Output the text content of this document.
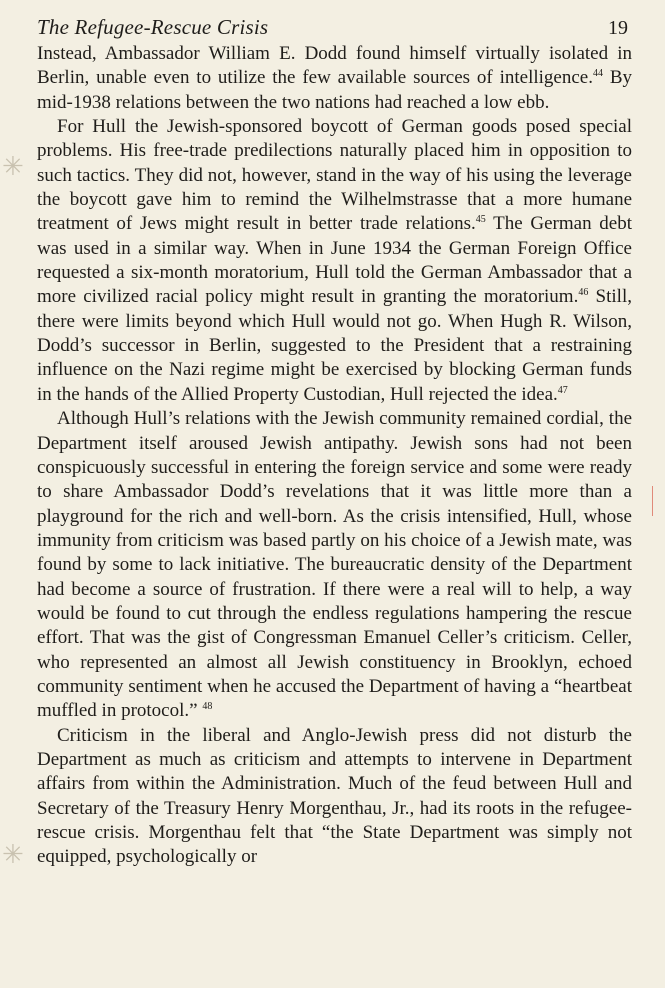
The Refugee-Rescue Crisis	19

Instead, Ambassador William E. Dodd found himself virtually isolated in Berlin, unable even to utilize the few available sources of intelligence.$^{44}$ By mid-1938 relations between the two nations had reached a low ebb.

For Hull the Jewish-sponsored boycott of German goods posed special problems. His free-trade predilections naturally placed him in opposition to such tactics. They did not, however, stand in the way of his using the leverage the boycott gave him to remind the Wilhelmstrasse that a more humane treatment of Jews might result in better trade relations.$^{45}$ The German debt was used in a similar way. When in June 1934 the German Foreign Office requested a six-month moratorium, Hull told the German Ambassador that a more civilized racial policy might result in granting the moratorium.$^{46}$ Still, there were limits beyond which Hull would not go. When Hugh R. Wilson, Dodd’s successor in Berlin, suggested to the President that a restraining influence on the Nazi regime might be exercised by blocking German funds in the hands of the Allied Property Custodian, Hull rejected the idea.$^{47}$

Although Hull’s relations with the Jewish community remained cordial, the Department itself aroused Jewish antipathy. Jewish sons had not been conspicuously successful in entering the foreign service and some were ready to share Ambassador Dodd’s revelations that it was little more than a playground for the rich and well-born. As the crisis intensified, Hull, whose immunity from criticism was based partly on his choice of a Jewish mate, was found by some to lack initiative. The bureaucratic density of the Department had become a source of frustration. If there were a real will to help, a way would be found to cut through the endless regulations hampering the rescue effort. That was the gist of Congressman Emanuel Celler’s criticism. Celler, who represented an almost all Jewish constituency in Brooklyn, echoed community sentiment when he accused the Department of having a “heartbeat muffled in protocol.” $^{48}$

Criticism in the liberal and Anglo-Jewish press did not disturb the Department as much as criticism and attempts to intervene in Department affairs from within the Administration. Much of the feud between Hull and Secretary of the Treasury Henry Morgenthau, Jr., had its roots in the refugee-rescue crisis. Morgenthau felt that “the State Department was simply not equipped, psychologically or

✳
✳
